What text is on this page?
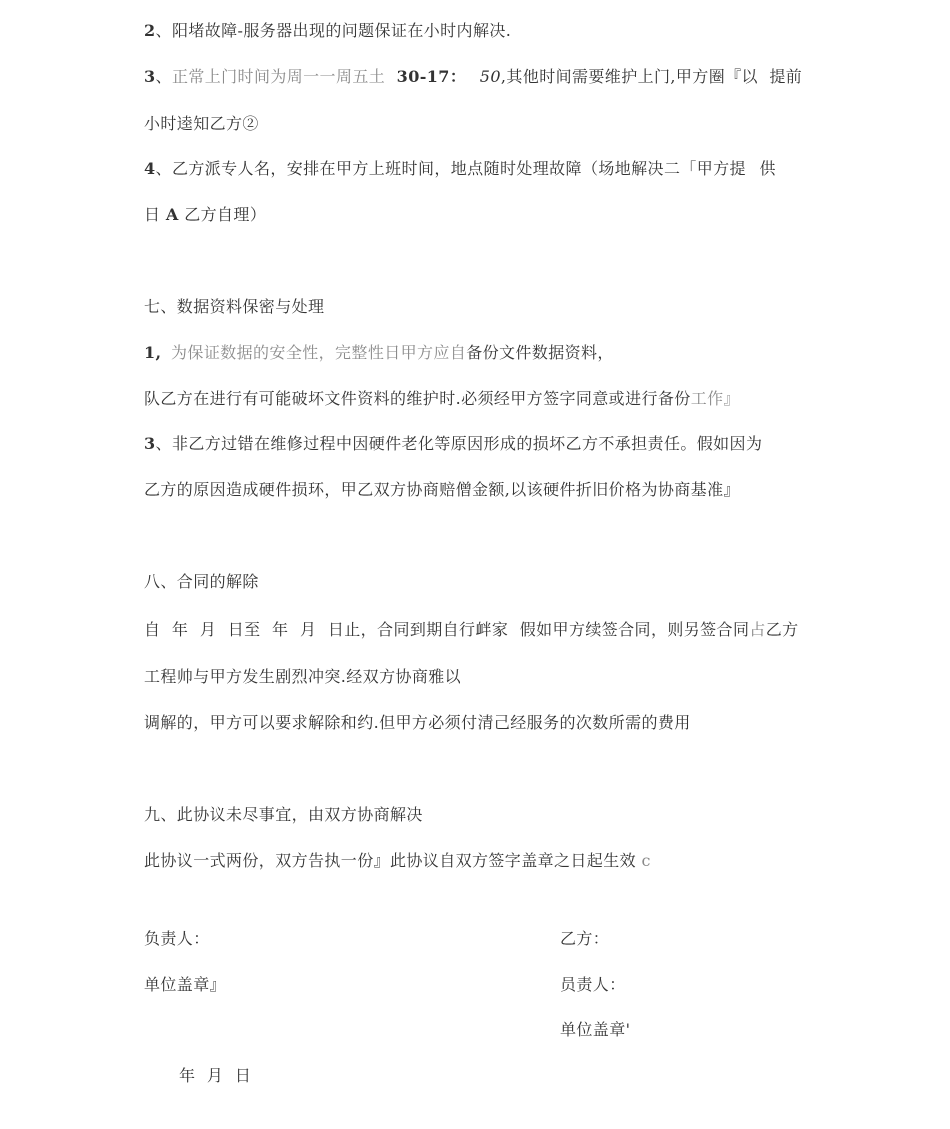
2、阳堵故障-服务器出现的问题保证在小时内解决.
3、正常上门时间为周一一周五土 30-17： 50,其他时间需要维护上门,甲方圈『以 提前
小时逵知乙方②
4、乙方派专人名，安排在甲方上班时间，地点随时处理故障（场地解决二「甲方提 供
日 A 乙方自理）
七、数据资料保密与处理
1, 为保证数据的安全性，完整性日甲方应自备份文件数据资料，
队乙方在进行有可能破坏文件资料的维护时.必须经甲方签字同意或进行备份工作』
3、非乙方过错在维修过程中因硬件老化等原因形成的损坏乙方不承担责任。假如因为
乙方的原因造成硬件损环，甲乙双方协商赔僧金额,以该硬件折旧价格为协商基准』
八、合同的解除
自 年 月 日至 年 月 日止，合同到期自行衅家 假如甲方续签合同，则另签合同占乙方
工程帅与甲方发生剧烈冲突.经双方协商雅以
调解的，甲方可以要求解除和约.但甲方必须付清己经服务的次数所需的费用
九、此协议未尽事宜，由双方协商解决
此协议一式两份，双方告执一份』此协议自双方签字盖章之日起生效 c
负责人：
单位盖章』
乙方：
员责人：
单位盖章'
年 月 日
